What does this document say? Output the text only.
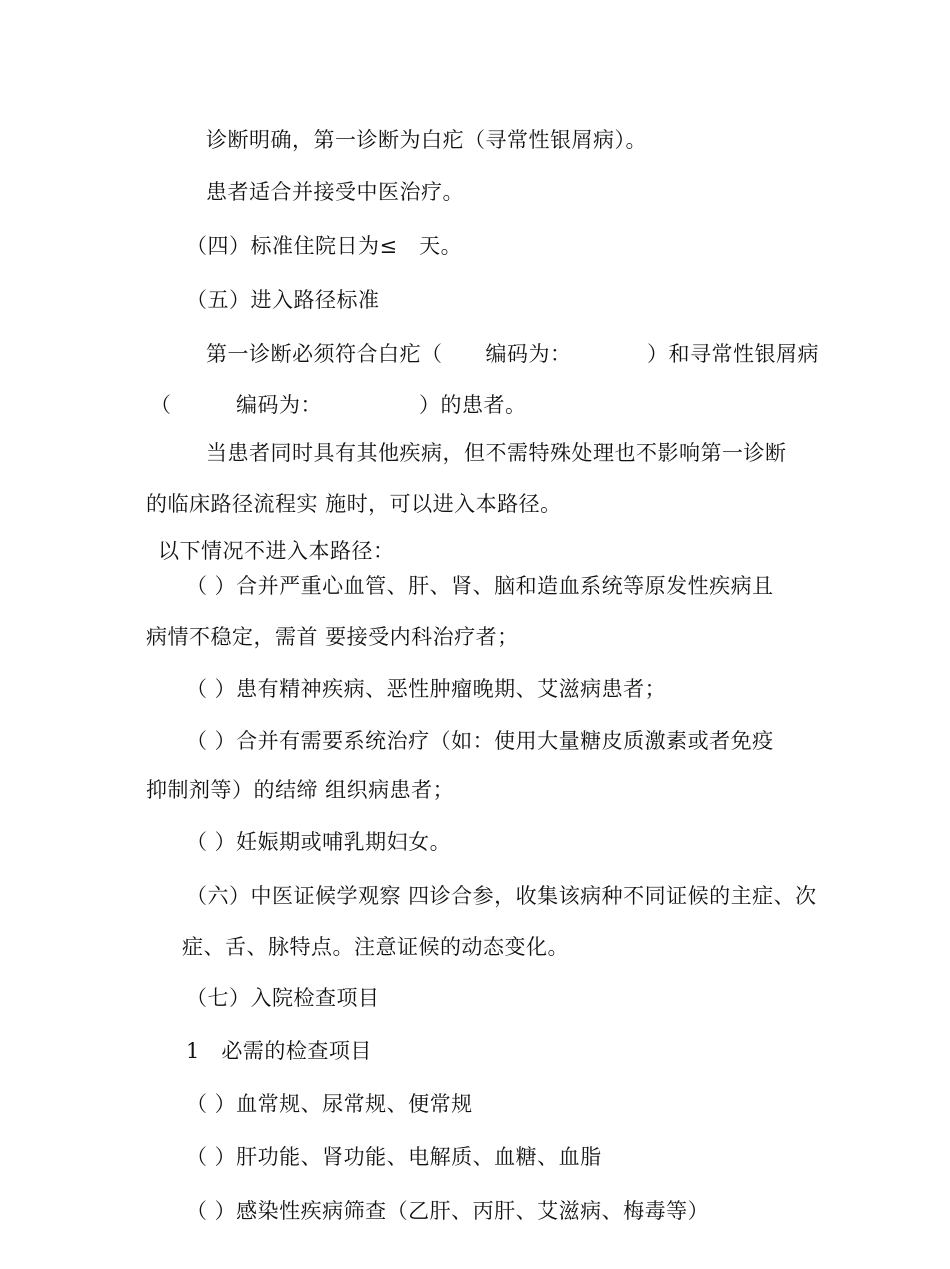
诊断明确，第一诊断为白疕（寻常性银屑病）。
患者适合并接受中医治疗。
（四）标准住院日为≤　天。
（五）进入路径标准
第一诊断必须符合白疕（　　编码为：　　　　）和寻常性银屑病
（　　　编码为：　　　　　）的患者。
当患者同时具有其他疾病，但不需特殊处理也不影响第一诊断
的临床路径流程实 施时，可以进入本路径。
以下情况不进入本路径：
（ ）合并严重心血管、肝、肾、脑和造血系统等原发性疾病且
病情不稳定，需首 要接受内科治疗者；
（ ）患有精神疾病、恶性肿瘤晚期、艾滋病患者；
（ ）合并有需要系统治疗（如：使用大量糖皮质激素或者免疫
抑制剂等）的结缔 组织病患者；
（ ）妊娠期或哺乳期妇女。
（六）中医证候学观察 四诊合参，收集该病种不同证候的主症、次
症、舌、脉特点。注意证候的动态变化。
（七）入院检查项目
1　必需的检查项目
（ ）血常规、尿常规、便常规
（ ）肝功能、肾功能、电解质、血糖、血脂
（ ）感染性疾病筛查（乙肝、丙肝、艾滋病、梅毒等）
